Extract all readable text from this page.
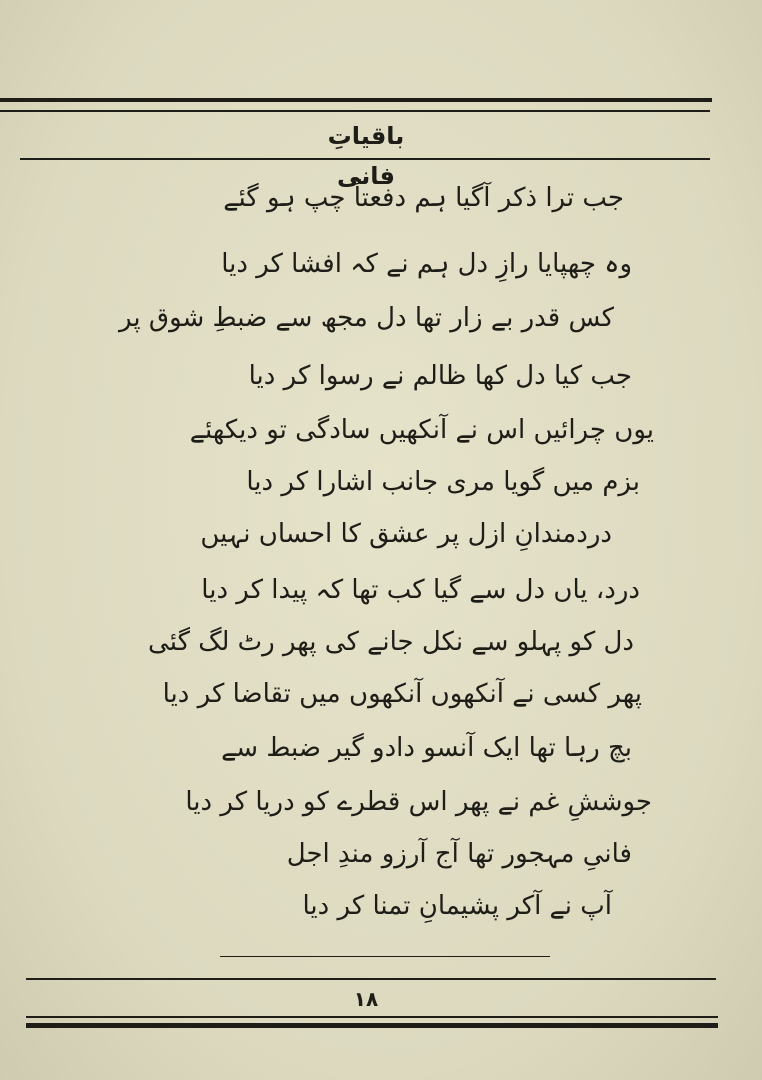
باقیاتِ فانی
جب ترا ذکر آگیا ہم دفعتاً چپ ہو گئے
وہ چھپایا رازِ دل ہم نے کہ افشا کر دیا
کس قدر بے زار تھا دل مجھ سے ضبطِ شوق پر
جب کیا دل کھا ظالم نے رسوا کر دیا
یوں چرائیں اس نے آنکھیں سادگی تو دیکھئے
بزم میں گویا مری جانب اشارا کر دیا
دردمندانِ ازل پر عشق کا احساں نہیں
درد، یاں دل سے گیا کب تھا کہ پیدا کر دیا
دل کو پہلو سے نکل جانے کی پھر رٹ لگ گئی
پھر کسی نے آنکھوں آنکھوں میں تقاضا کر دیا
بچ رہا تھا ایک آنسو دادو گیر ضبط سے
جوششِ غم نے پھر اس قطرے کو دریا کر دیا
فانیِ مہجور تھا آج آرزو مندِ اجل
آپ نے آکر پشیمانِ تمنا کر دیا
١٨
